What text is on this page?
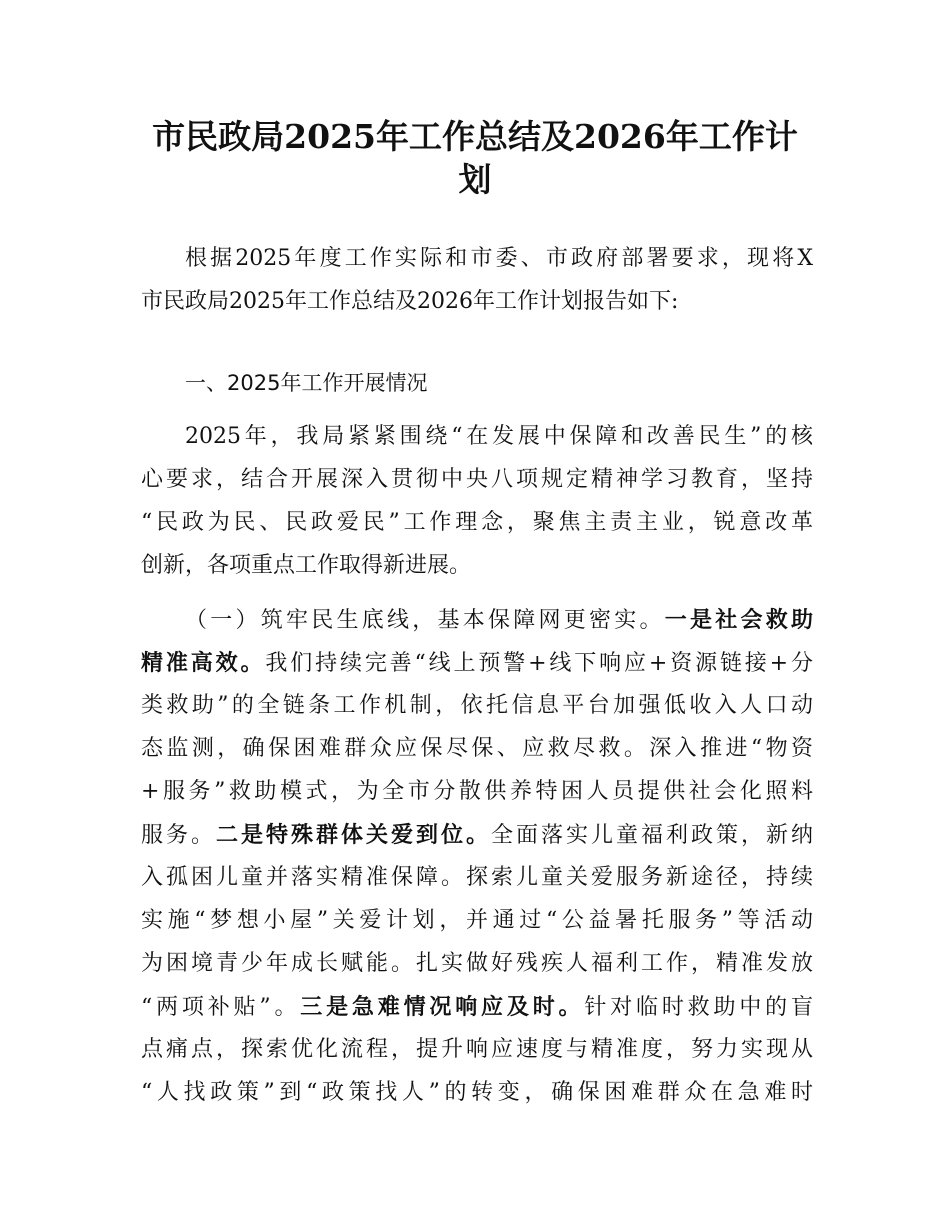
市民政局2025年工作总结及2026年工作计
划
根据2025年度工作实际和市委、市政府部署要求，现将X
市民政局2025年工作总结及2026年工作计划报告如下:
一、2025年工作开展情况
2025年，我局紧紧围绕“在发展中保障和改善民生”的核
心要求，结合开展深入贯彻中央八项规定精神学习教育，坚持
“民政为民、民政爱民”工作理念，聚焦主责主业，锐意改革
创新，各项重点工作取得新进展。
（一）筑牢民生底线，基本保障网更密实。一是社会救助
精准高效。我们持续完善“线上预警+线下响应+资源链接+分
类救助”的全链条工作机制，依托信息平台加强低收入人口动
态监测，确保困难群众应保尽保、应救尽救。深入推进“物资
+服务”救助模式，为全市分散供养特困人员提供社会化照料
服务。二是特殊群体关爱到位。全面落实儿童福利政策，新纳
入孤困儿童并落实精准保障。探索儿童关爱服务新途径，持续
实施“梦想小屋”关爱计划，并通过“公益暑托服务”等活动
为困境青少年成长赋能。扎实做好残疾人福利工作，精准发放
“两项补贴”。三是急难情况响应及时。针对临时救助中的盲
点痛点，探索优化流程，提升响应速度与精准度，努力实现从
“人找政策”到“政策找人”的转变，确保困难群众在急难时
